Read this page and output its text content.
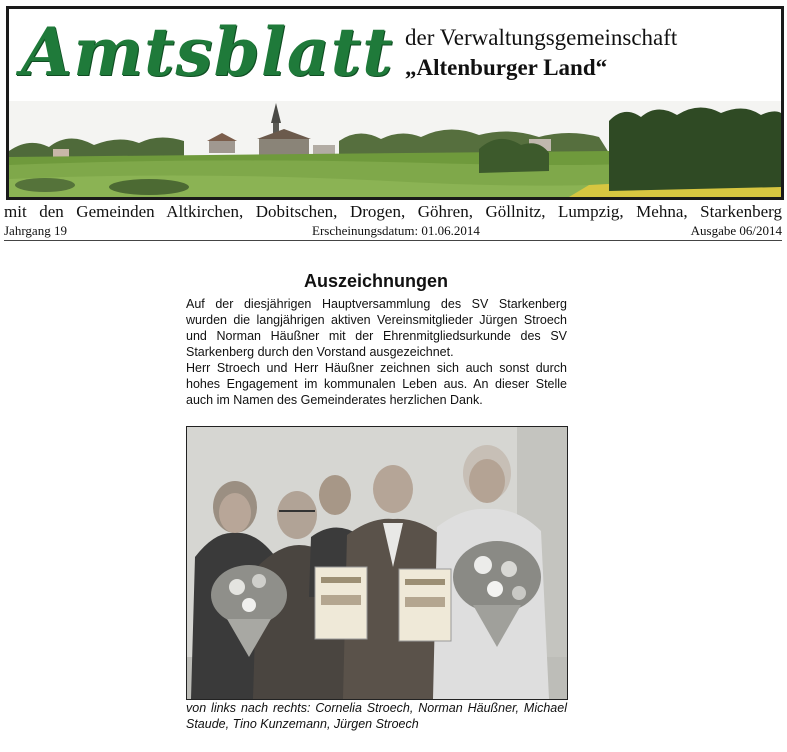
Amtsblatt der Verwaltungsgemeinschaft
„Altenburger Land“
mit den Gemeinden Altkirchen, Dobitschen, Drogen, Göhren, Göllnitz, Lumpzig, Mehna, Starkenberg
Jahrgang 19	Erscheinungsdatum: 01.06.2014	Ausgabe 06/2014
Auszeichnungen
Auf der diesjährigen Hauptversammlung des SV Starkenberg wurden die langjährigen aktiven Vereinsmitglieder Jürgen Stroech und Norman Häußner mit der Ehrenmitgliedsurkunde des SV Starkenberg durch den Vorstand ausgezeichnet.
Herr Stroech und Herr Häußner zeichnen sich auch sonst durch hohes Engagement im kommunalen Leben aus. An dieser Stelle auch im Namen des Gemeinderates herzlichen Dank.

von links nach rechts: Cornelia Stroech, Norman Häußner, Michael Staude, Tino Kunzemann, Jürgen Stroech
